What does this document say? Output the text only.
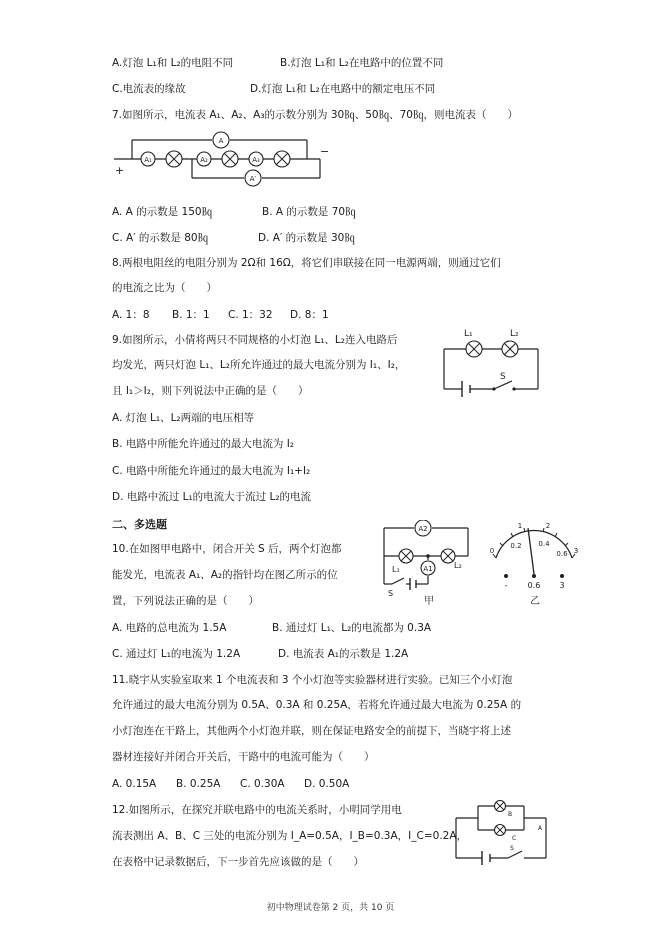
A.灯泡 L₁和 L₂的电阻不同	B.灯泡 L₁和 L₂在电路中的位置不同
C.电流表的缘故	D.灯泡 L₁和 L₂在电路中的额定电压不同
7.如图所示，电流表 A₁、A₂、A₃的示数分别为 30㏃、50㏃、70㏃，则电流表（　　）
A
A′
A₁	A₂	A₃
+
−
A. A 的示数是 150㏃	B. A 的示数是 70㏃
C. A′ 的示数是 80㏃	D. A′ 的示数是 30㏃
8.两根电阻丝的电阻分别为 2Ω和 16Ω，将它们串联接在同一电源两端，则通过它们
的电流之比为（　　）
A. 1：8 B. 1：1 C. 1：32 D. 8：1
9.如图所示，小倩将两只不同规格的小灯泡 L₁、L₂连入电路后
均发光，两只灯泡 L₁、L₂所允许通过的最大电流分别为 I₁、I₂，
且 I₁＞I₂，则下列说法中正确的是（　　）
L₁	L₂
S
A. 灯泡 L₁、L₂两端的电压相等
B. 电路中所能允许通过的最大电流为 I₂
C. 电路中所能允许通过的最大电流为 I₁+I₂
D. 电路中流过 L₁的电流大于流过 L₂的电流
二、多选题
10.在如图甲电路中，闭合开关 S 后，两个灯泡都
能发光，电流表 A₁、A₂的指针均在图乙所示的位
置，下列说法正确的是（　　）
A2
A1
L₁	L₂
S
甲
0
1	2
3
0.2 0.4
0.6
-	0.6 3
乙
A. 电路的总电流为 1.5A	B. 通过灯 L₁、L₂的电流都为 0.3A
C. 通过灯 L₁的电流为 1.2A	D. 电流表 A₁的示数是 1.2A
11.晓宇从实验室取来 1 个电流表和 3 个小灯泡等实验器材进行实验。已知三个小灯泡
允许通过的最大电流分别为 0.5A、0.3A 和 0.25A，若将允许通过最大电流为 0.25A 的
小灯泡连在干路上，其他两个小灯泡并联，则在保证电路安全的前提下，当晓宇将上述
器材连接好并闭合开关后，干路中的电流可能为（　　）
A. 0.15A B. 0.25A C. 0.30A D. 0.50A
12.如图所示，在探究并联电路中的电流关系时，小明同学用电
流表测出 A、B、C 三处的电流分别为 I_A=0.5A，I_B=0.3A，I_C=0.2A，
在表格中记录数据后，下一步首先应该做的是（　　）
B
C
A
S
初中物理试卷第 2 页，共 10 页
